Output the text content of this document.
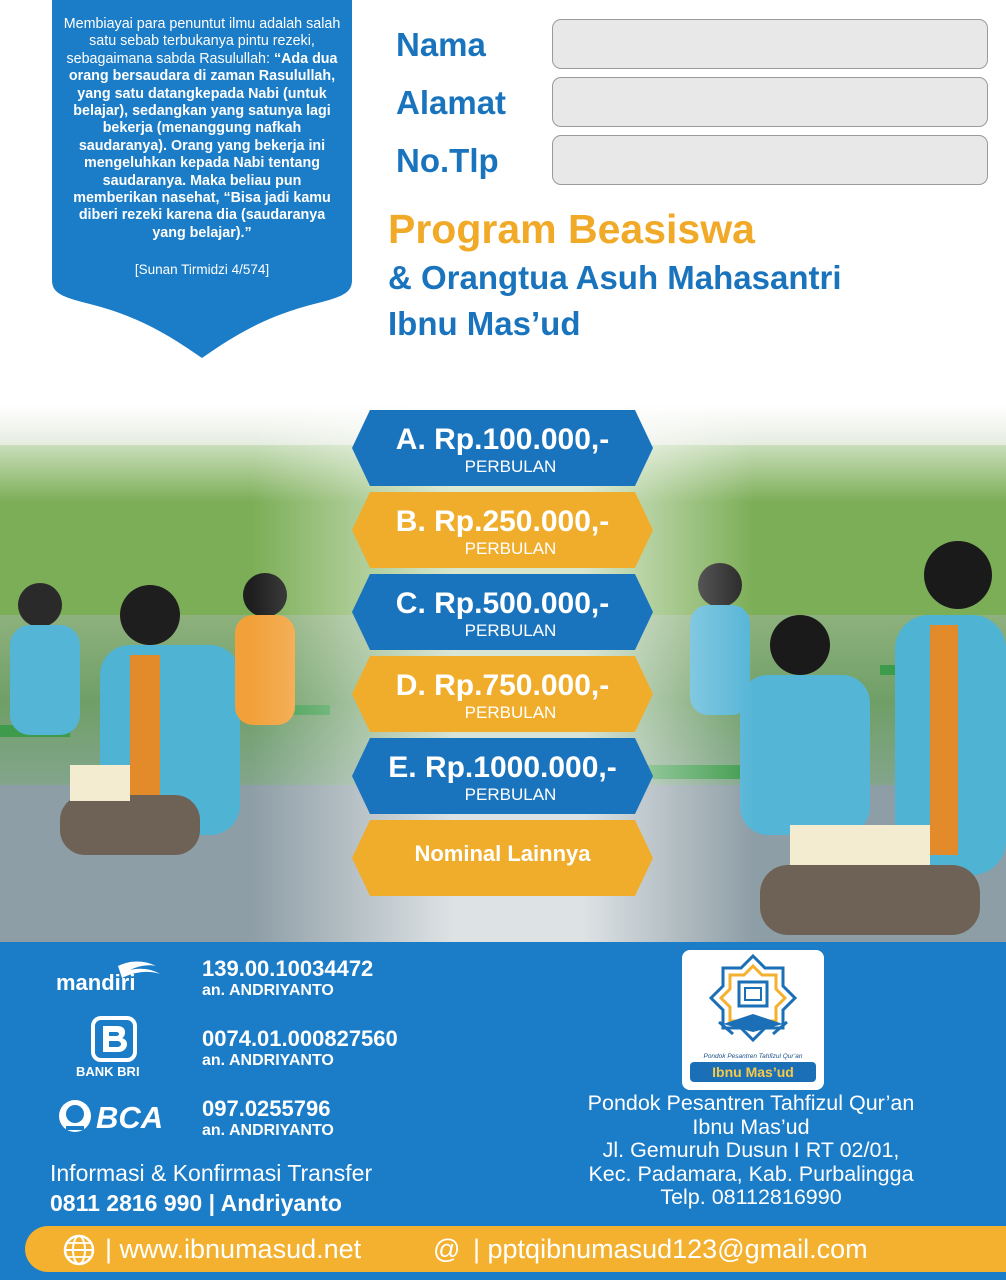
Membiayai para penuntut ilmu adalah salah satu sebab terbukanya pintu rezeki, sebagaimana sabda Rasulullah: “Ada dua orang bersaudara di zaman Rasulullah, yang satu datangkepada Nabi (untuk belajar), sedangkan yang satunya lagi bekerja (menanggung nafkah saudaranya). Orang yang bekerja ini mengeluhkan kepada Nabi tentang saudaranya. Maka beliau pun memberikan nasehat, “Bisa jadi kamu diberi rezeki karena dia (saudaranya yang belajar).”
[Sunan Tirmidzi 4/574]
Nama
Alamat
No.Tlp
Program Beasiswa
& Orangtua Asuh Mahasantri
Ibnu Mas’ud
A. Rp.100.000,-
PERBULAN
B. Rp.250.000,-
PERBULAN
C. Rp.500.000,-
PERBULAN
D. Rp.750.000,-
PERBULAN
E. Rp.1000.000,-
PERBULAN
Nominal Lainnya
mandiri
139.00.10034472
an. ANDRIYANTO
BANK BRI
0074.01.000827560
an. ANDRIYANTO
BCA 097.0255796
an. ANDRIYANTO
Informasi & Konfirmasi Transfer
0811 2816 990 | Andriyanto
Pondok Pesantren Tahfizul Qur’an
Ibnu Mas’ud
Pondok Pesantren Tahfizul Qur’an
Ibnu Mas’ud
Jl. Gemuruh Dusun I RT 02/01,
Kec. Padamara, Kab. Purbalingga
Telp. 08112816990
| www.ibnumasud.net	@ | pptqibnumasud123@gmail.com
